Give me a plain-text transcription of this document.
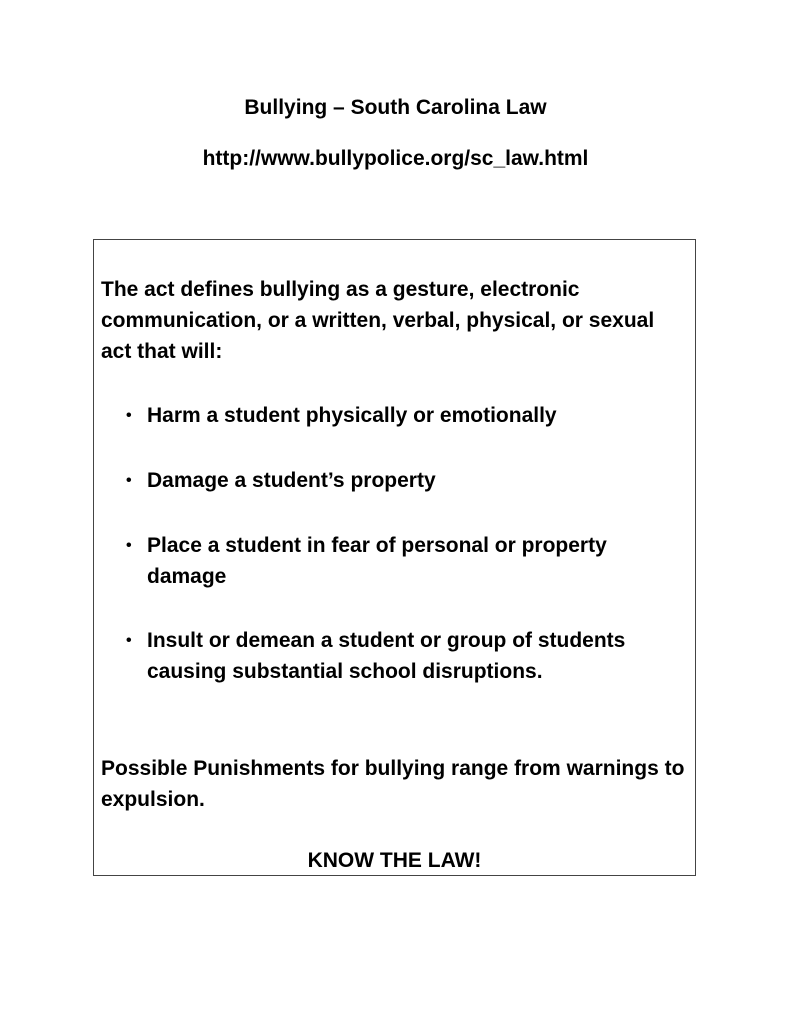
Bullying – South Carolina Law
http://www.bullypolice.org/sc_law.html

The act defines bullying as a gesture, electronic communication, or a written, verbal, physical, or sexual act that will:

• Harm a student physically or emotionally
• Damage a student’s property
• Place a student in fear of personal or property damage
• Insult or demean a student or group of students causing substantial school disruptions.

Possible Punishments for bullying range from warnings to expulsion.

KNOW THE LAW!
